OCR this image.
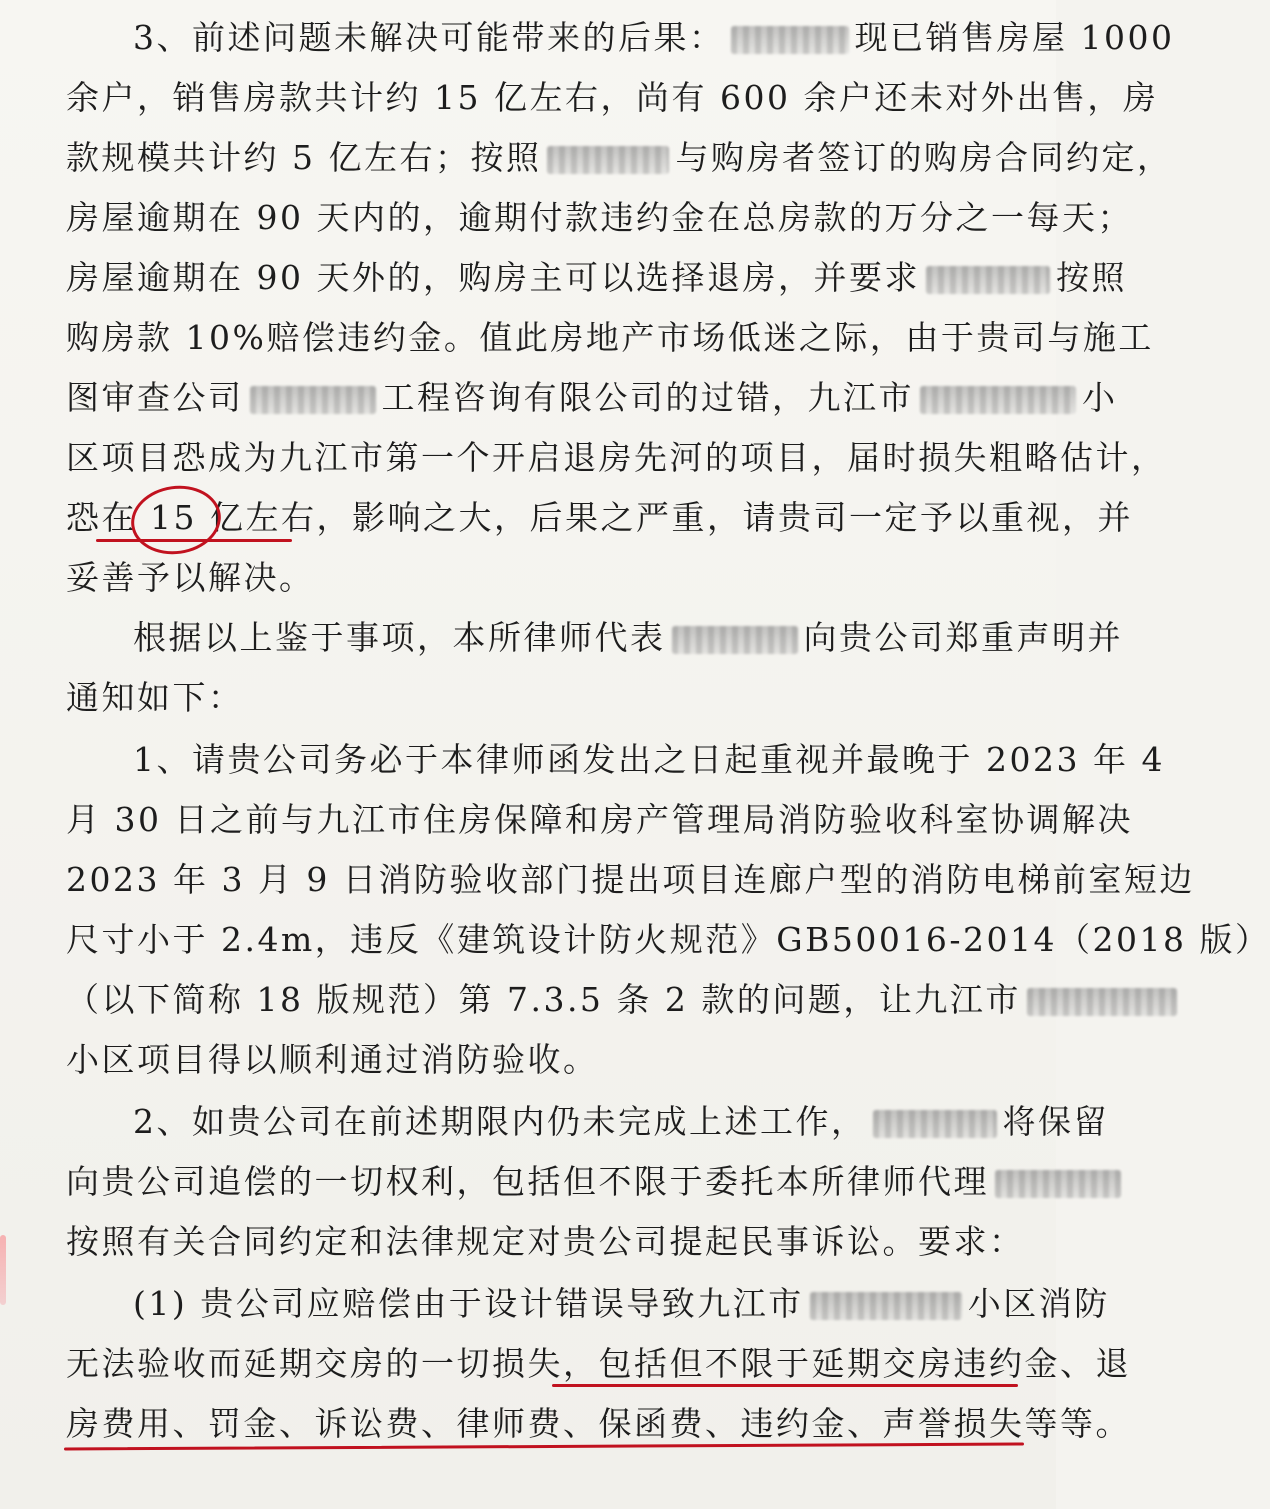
3、前述问题未解决可能带来的后果：	现已销售房屋 1000
余户，销售房款共计约 15 亿左右，尚有 600 余户还未对外出售，房
款规模共计约 5 亿左右；按照	与购房者签订的购房合同约定，
房屋逾期在 90 天内的，逾期付款违约金在总房款的万分之一每天；
房屋逾期在 90 天外的，购房主可以选择退房，并要求	按照
购房款 10%赔偿违约金。值此房地产市场低迷之际，由于贵司与施工
图审查公司	工程咨询有限公司的过错，九江市	小
区项目恐成为九江市第一个开启退房先河的项目，届时损失粗略估计，
恐在 15 亿左右，影响之大，后果之严重，请贵司一定予以重视，并
妥善予以解决。
根据以上鉴于事项，本所律师代表	向贵公司郑重声明并
通知如下：
1、请贵公司务必于本律师函发出之日起重视并最晚于 2023 年 4
月 30 日之前与九江市住房保障和房产管理局消防验收科室协调解决
2023 年 3 月 9 日消防验收部门提出项目连廊户型的消防电梯前室短边
尺寸小于 2.4m，违反《建筑设计防火规范》GB50016-2014（2018 版）
（以下简称 18 版规范）第 7.3.5 条 2 款的问题，让九江市
小区项目得以顺利通过消防验收。
2、如贵公司在前述期限内仍未完成上述工作，	将保留
向贵公司追偿的一切权利，包括但不限于委托本所律师代理
按照有关合同约定和法律规定对贵公司提起民事诉讼。要求：
(1) 贵公司应赔偿由于设计错误导致九江市	小区消防
无法验收而延期交房的一切损失，包括但不限于延期交房违约金、退
房费用、罚金、诉讼费、律师费、保函费、违约金、声誉损失等等。
